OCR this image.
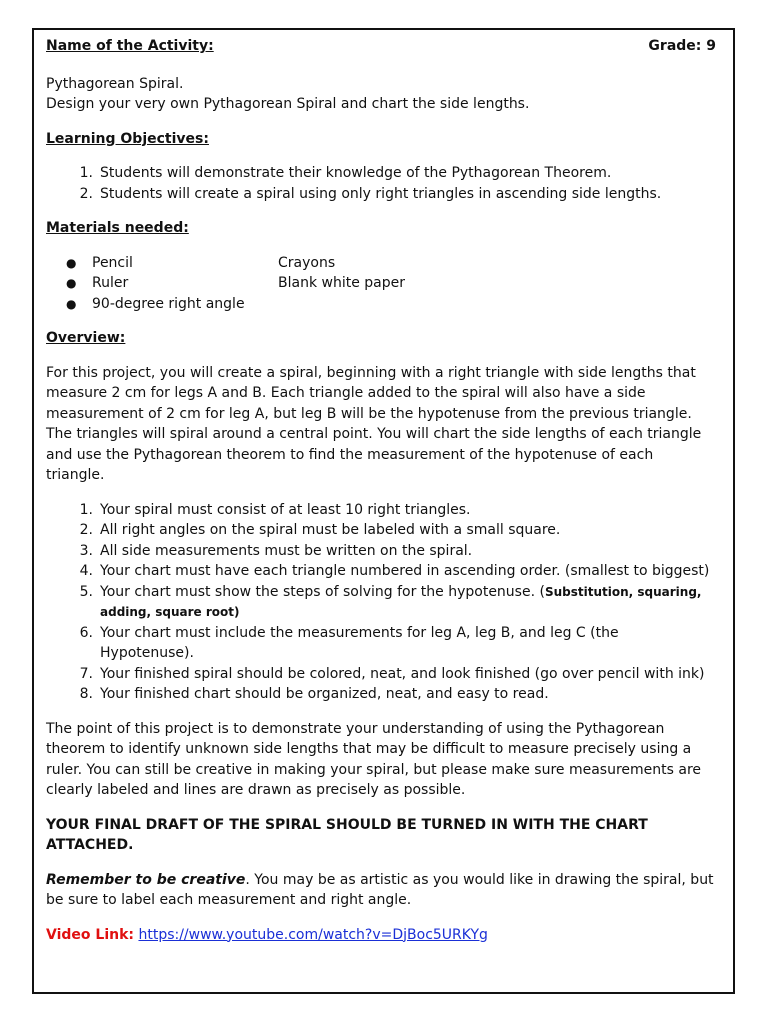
Name of the Activity:	Grade: 9

Pythagorean Spiral.

Design your very own Pythagorean Spiral and chart the side lengths.

Learning Objectives:

1. Students will demonstrate their knowledge of the Pythagorean Theorem.
2. Students will create a spiral using only right triangles in ascending side lengths.

Materials needed:

●	Pencil	Crayons
●	Ruler	Blank white paper
●	90-degree right angle

Overview:

For this project, you will create a spiral, beginning with a right triangle with side lengths that measure 2 cm for legs A and B. Each triangle added to the spiral will also have a side measurement of 2 cm for leg A, but leg B will be the hypotenuse from the previous triangle. The triangles will spiral around a central point. You will chart the side lengths of each triangle and use the Pythagorean theorem to find the measurement of the hypotenuse of each triangle.

1. Your spiral must consist of at least 10 right triangles.
2. All right angles on the spiral must be labeled with a small square.
3. All side measurements must be written on the spiral.
4. Your chart must have each triangle numbered in ascending order. (smallest to biggest)
5. Your chart must show the steps of solving for the hypotenuse. (Substitution, squaring, adding, square root)
6. Your chart must include the measurements for leg A, leg B, and leg C (the Hypotenuse).
7. Your finished spiral should be colored, neat, and look finished (go over pencil with ink)
8. Your finished chart should be organized, neat, and easy to read.

The point of this project is to demonstrate your understanding of using the Pythagorean theorem to identify unknown side lengths that may be difficult to measure precisely using a ruler. You can still be creative in making your spiral, but please make sure measurements are clearly labeled and lines are drawn as precisely as possible.

YOUR FINAL DRAFT OF THE SPIRAL SHOULD BE TURNED IN WITH THE CHART ATTACHED.

Remember to be creative. You may be as artistic as you would like in drawing the spiral, but be sure to label each measurement and right angle.

Video Link: https://www.youtube.com/watch?v=DjBoc5URKYg
